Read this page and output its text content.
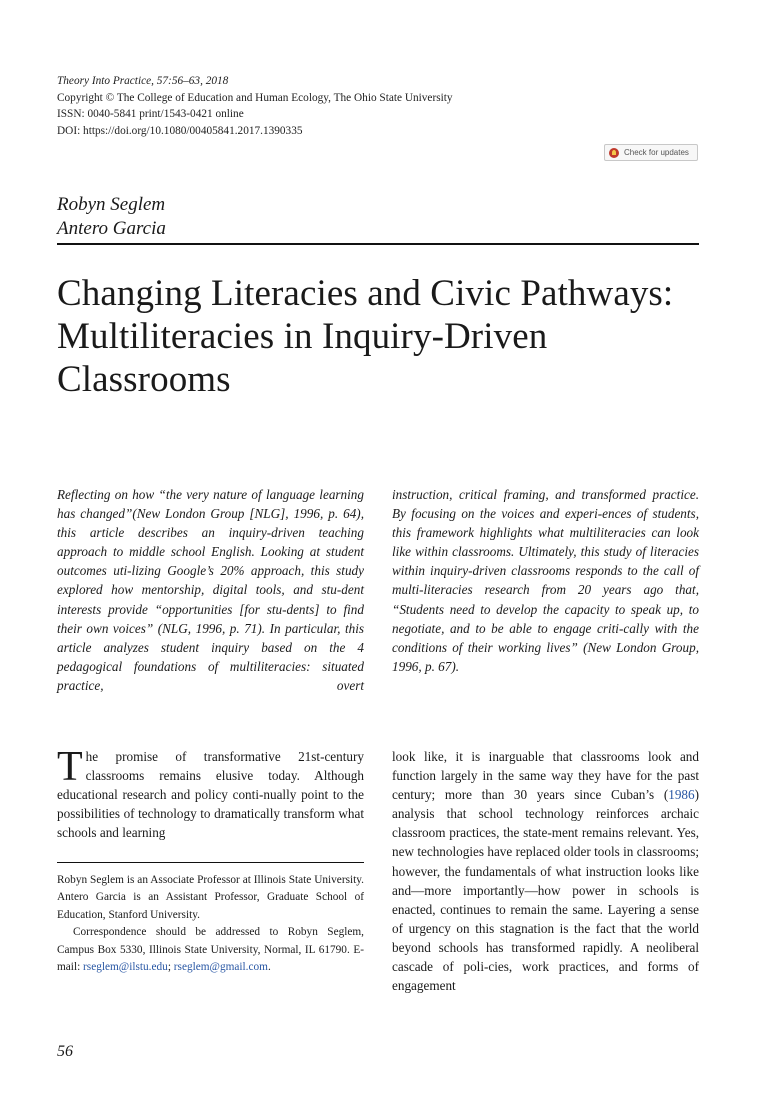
Theory Into Practice, 57:56–63, 2018
Copyright © The College of Education and Human Ecology, The Ohio State University
ISSN: 0040-5841 print/1543-0421 online
DOI: https://doi.org/10.1080/00405841.2017.1390335
Check for updates
Robyn Seglem
Antero Garcia
Changing Literacies and Civic Pathways: Multiliteracies in Inquiry-Driven Classrooms

Reflecting on how “the very nature of language learning has changed”(New London Group [NLG], 1996, p. 64), this article describes an inquiry-driven teaching approach to middle school English. Looking at student outcomes uti-lizing Google’s 20% approach, this study explored how mentorship, digital tools, and stu-dent interests provide “opportunities [for stu-dents] to find their own voices” (NLG, 1996, p. 71). In particular, this article analyzes student inquiry based on the 4 pedagogical foundations of multiliteracies: situated practice, overt

instruction, critical framing, and transformed practice. By focusing on the voices and experi-ences of students, this framework highlights what multiliteracies can look like within classrooms. Ultimately, this study of literacies within inquiry-driven classrooms responds to the call of multi-literacies research from 20 years ago that, “Students need to develop the capacity to speak up, to negotiate, and to be able to engage criti-cally with the conditions of their working lives” (New London Group, 1996, p. 67).

The promise of transformative 21st-century classrooms remains elusive today. Although educational research and policy conti-nually point to the possibilities of technology to dramatically transform what schools and learning

look like, it is inarguable that classrooms look and function largely in the same way they have for the past century; more than 30 years since Cuban’s (1986) analysis that school technology reinforces archaic classroom practices, the state-ment remains relevant. Yes, new technologies have replaced older tools in classrooms; however, the fundamentals of what instruction looks like and—more importantly—how power in schools is enacted, continues to remain the same. Layering a sense of urgency on this stagnation is the fact that the world beyond schools has transformed rapidly. A neoliberal cascade of poli-cies, work practices, and forms of engagement

Robyn Seglem is an Associate Professor at Illinois State University. Antero Garcia is an Assistant Professor, Graduate School of Education, Stanford University.

Correspondence should be addressed to Robyn Seglem, Campus Box 5330, Illinois State University, Normal, IL 61790. E-mail: rseglem@ilstu.edu; rseglem@gmail.com.

56
